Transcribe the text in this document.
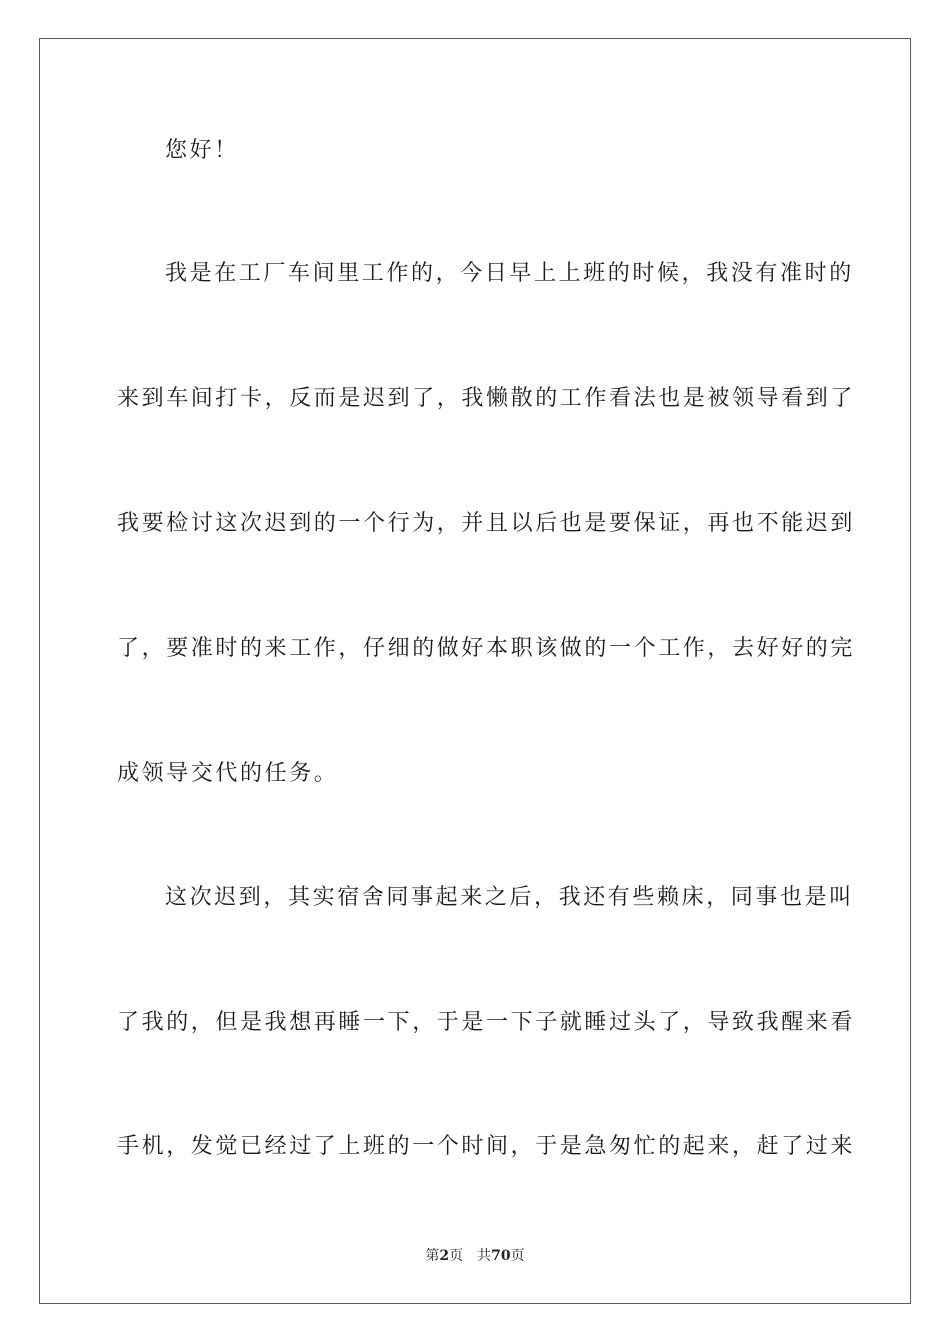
您好！
我是在工厂车间里工作的，今日早上上班的时候，我没有准时的
来到车间打卡，反而是迟到了，我懒散的工作看法也是被领导看到了
我要检讨这次迟到的一个行为，并且以后也是要保证，再也不能迟到
了，要准时的来工作，仔细的做好本职该做的一个工作，去好好的完
成领导交代的任务。
这次迟到，其实宿舍同事起来之后，我还有些赖床，同事也是叫
了我的，但是我想再睡一下，于是一下子就睡过头了，导致我醒来看
手机，发觉已经过了上班的一个时间，于是急匆忙的起来，赶了过来
第2页 共70页
